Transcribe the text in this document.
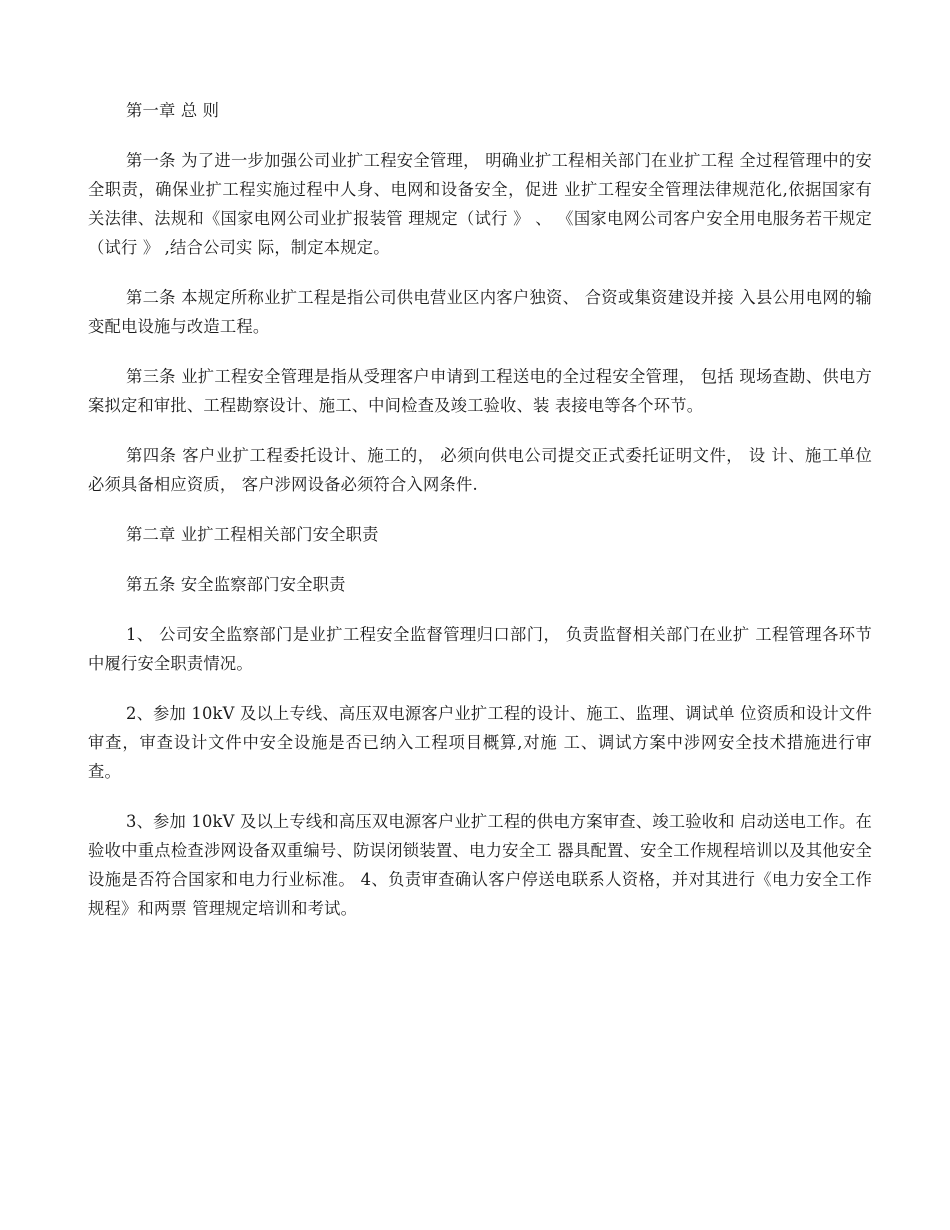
第一章 总 则

第一条 为了进一步加强公司业扩工程安全管理， 明确业扩工程相关部门在业扩工程 全过程管理中的安全职责，确保业扩工程实施过程中人身、电网和设备安全，促进 业扩工程安全管理法律规范化,依据国家有关法律、法规和《国家电网公司业扩报装管 理规定（试行 》 、 《国家电网公司客户安全用电服务若干规定（试行 》 ,结合公司实 际，制定本规定。

第二条 本规定所称业扩工程是指公司供电营业区内客户独资、 合资或集资建设并接 入县公用电网的输变配电设施与改造工程。

第三条 业扩工程安全管理是指从受理客户申请到工程送电的全过程安全管理， 包括 现场查勘、供电方案拟定和审批、工程勘察设计、施工、中间检查及竣工验收、装 表接电等各个环节。

第四条 客户业扩工程委托设计、施工的， 必须向供电公司提交正式委托证明文件， 设 计、施工单位必须具备相应资质， 客户涉网设备必须符合入网条件.

第二章 业扩工程相关部门安全职责

第五条 安全监察部门安全职责

1、 公司安全监察部门是业扩工程安全监督管理归口部门， 负责监督相关部门在业扩 工程管理各环节中履行安全职责情况。

2、参加 10kV 及以上专线、高压双电源客户业扩工程的设计、施工、监理、调试单 位资质和设计文件审查，审查设计文件中安全设施是否已纳入工程项目概算,对施 工、调试方案中涉网安全技术措施进行审查。

3、参加 10kV 及以上专线和高压双电源客户业扩工程的供电方案审查、竣工验收和 启动送电工作。在验收中重点检查涉网设备双重编号、防误闭锁装置、电力安全工 器具配置、安全工作规程培训以及其他安全设施是否符合国家和电力行业标准。 4、负责审查确认客户停送电联系人资格，并对其进行《电力安全工作规程》和两票 管理规定培训和考试。
